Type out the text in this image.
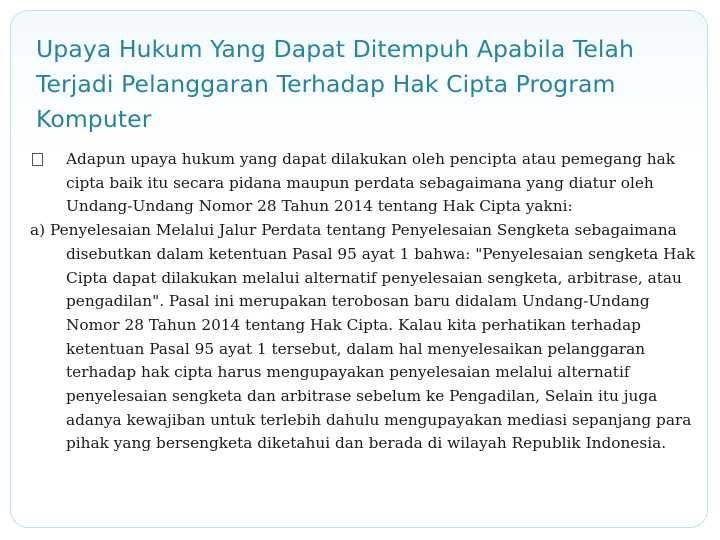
Upaya Hukum Yang Dapat Ditempuh Apabila Telah Terjadi Pelanggaran Terhadap Hak Cipta Program Komputer

Adapun upaya hukum yang dapat dilakukan oleh pencipta atau pemegang hak cipta baik itu secara pidana maupun perdata sebagaimana yang diatur oleh Undang-Undang Nomor 28 Tahun 2014 tentang Hak Cipta yakni:

a) Penyelesaian Melalui Jalur Perdata tentang Penyelesaian Sengketa sebagaimana disebutkan dalam ketentuan Pasal 95 ayat 1 bahwa: "Penyelesaian sengketa Hak Cipta dapat dilakukan melalui alternatif penyelesaian sengketa, arbitrase, atau pengadilan". Pasal ini merupakan terobosan baru didalam Undang-Undang Nomor 28 Tahun 2014 tentang Hak Cipta. Kalau kita perhatikan terhadap ketentuan Pasal 95 ayat 1 tersebut, dalam hal menyelesaikan pelanggaran terhadap hak cipta harus mengupayakan penyelesaian melalui alternatif penyelesaian sengketa dan arbitrase sebelum ke Pengadilan, Selain itu juga adanya kewajiban untuk terlebih dahulu mengupayakan mediasi sepanjang para pihak yang bersengketa diketahui dan berada di wilayah Republik Indonesia.
